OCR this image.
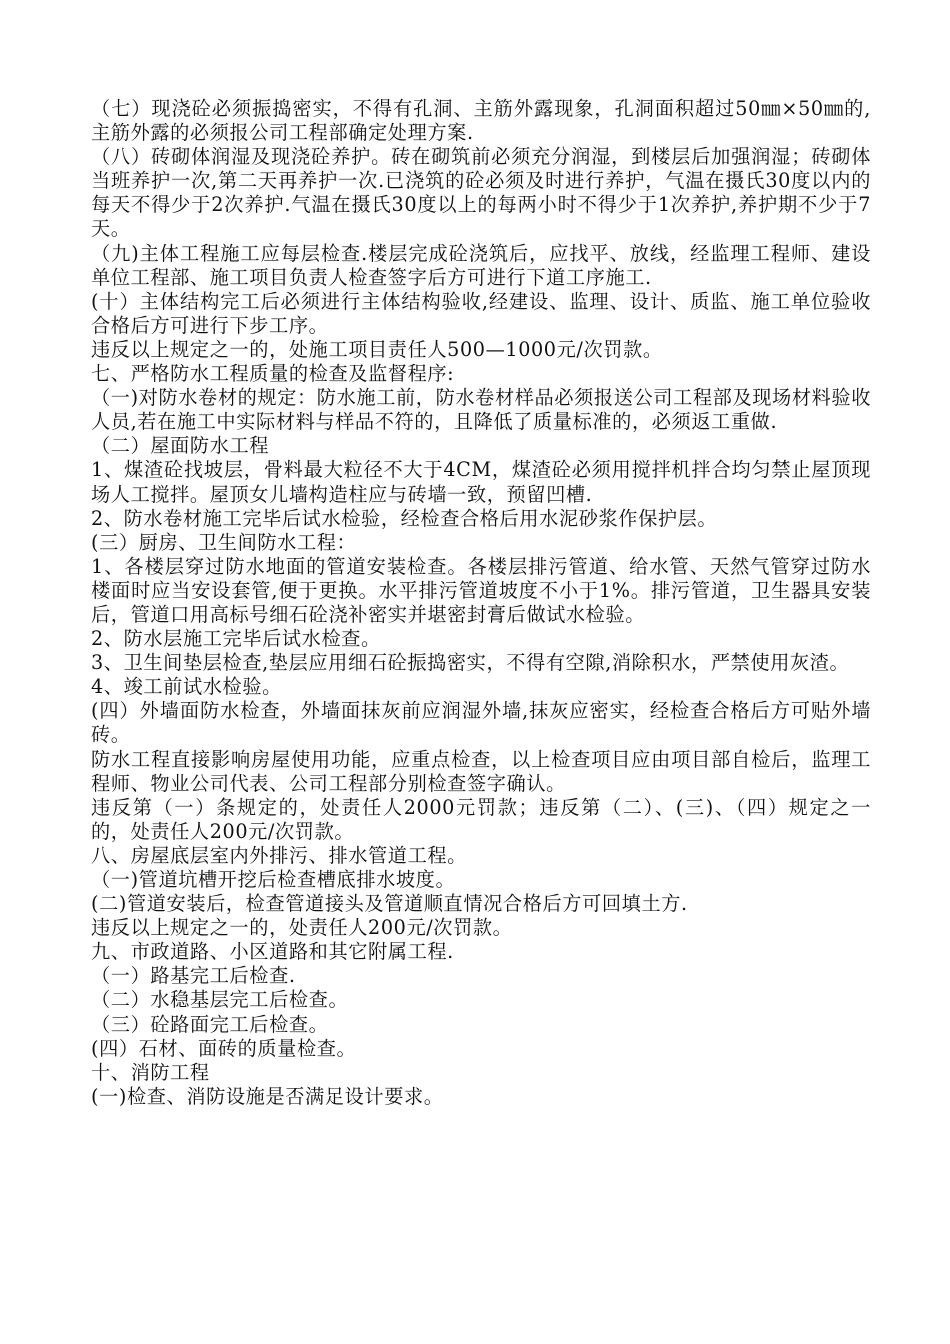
（七）现浇砼必须振捣密实，不得有孔洞、主筋外露现象，孔洞面积超过50㎜×50㎜的,主筋外露的必须报公司工程部确定处理方案.

（八）砖砌体润湿及现浇砼养护。砖在砌筑前必须充分润湿，到楼层后加强润湿；砖砌体当班养护一次,第二天再养护一次.已浇筑的砼必须及时进行养护，气温在摄氏30度以内的每天不得少于2次养护.气温在摄氏30度以上的每两小时不得少于1次养护,养护期不少于7天。

（九)主体工程施工应每层检查.楼层完成砼浇筑后，应找平、放线，经监理工程师、建设单位工程部、施工项目负责人检查签字后方可进行下道工序施工.

(十）主体结构完工后必须进行主体结构验收,经建设、监理、设计、质监、施工单位验收合格后方可进行下步工序。

违反以上规定之一的，处施工项目责任人500—1000元/次罚款。

七、严格防水工程质量的检查及监督程序:

（一)对防水卷材的规定：防水施工前，防水卷材样品必须报送公司工程部及现场材料验收人员,若在施工中实际材料与样品不符的，且降低了质量标准的，必须返工重做.

（二）屋面防水工程

1、煤渣砼找坡层，骨料最大粒径不大于4CM，煤渣砼必须用搅拌机拌合均匀禁止屋顶现场人工搅拌。屋顶女儿墙构造柱应与砖墙一致，预留凹槽.

2、防水卷材施工完毕后试水检验，经检查合格后用水泥砂浆作保护层。

(三）厨房、卫生间防水工程：

1、各楼层穿过防水地面的管道安装检查。各楼层排污管道、给水管、天然气管穿过防水楼面时应当安设套管,便于更换。水平排污管道坡度不小于1%。排污管道，卫生器具安装后，管道口用高标号细石砼浇补密实并堪密封膏后做试水检验。

2、防水层施工完毕后试水检查。

3、卫生间垫层检查,垫层应用细石砼振捣密实，不得有空隙,消除积水，严禁使用灰渣。

4、竣工前试水检验。

(四）外墙面防水检查，外墙面抹灰前应润湿外墙,抹灰应密实，经检查合格后方可贴外墙砖。

防水工程直接影响房屋使用功能，应重点检查，以上检查项目应由项目部自检后，监理工程师、物业公司代表、公司工程部分别检查签字确认。

违反第（一）条规定的，处责任人2000元罚款；违反第（二）、(三)、（四）规定之一的，处责任人200元/次罚款。

八、房屋底层室内外排污、排水管道工程。

（一)管道坑槽开挖后检查槽底排水坡度。

(二)管道安装后，检查管道接头及管道顺直情况合格后方可回填土方.

违反以上规定之一的，处责任人200元/次罚款。

九、市政道路、小区道路和其它附属工程.

（一）路基完工后检查.

（二）水稳基层完工后检查。

（三）砼路面完工后检查。

(四）石材、面砖的质量检查。

十、消防工程

(一)检查、消防设施是否满足设计要求。
